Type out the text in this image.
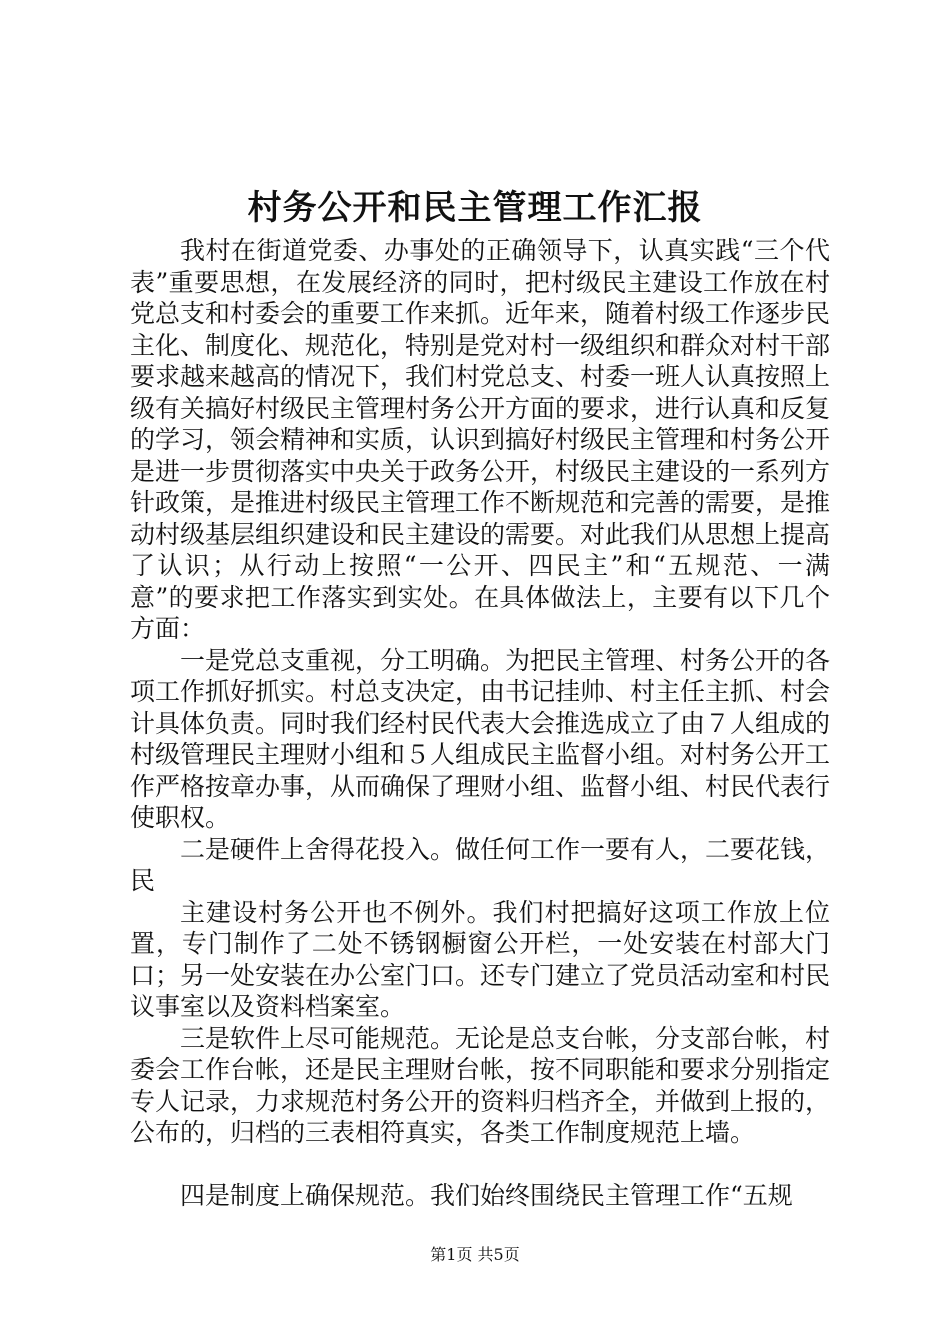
村务公开和民主管理工作汇报

我村在街道党委、办事处的正确领导下，认真实践“三个代表”重要思想，在发展经济的同时，把村级民主建设工作放在村党总支和村委会的重要工作来抓。近年来，随着村级工作逐步民主化、制度化、规范化，特别是党对村一级组织和群众对村干部要求越来越高的情况下，我们村党总支、村委一班人认真按照上级有关搞好村级民主管理村务公开方面的要求，进行认真和反复的学习，领会精神和实质，认识到搞好村级民主管理和村务公开是进一步贯彻落实中央关于政务公开，村级民主建设的一系列方针政策，是推进村级民主管理工作不断规范和完善的需要，是推动村级基层组织建设和民主建设的需要。对此我们从思想上提高了认识；从行动上按照“一公开、四民主”和“五规范、一满意”的要求把工作落实到实处。在具体做法上，主要有以下几个方面：

一是党总支重视，分工明确。为把民主管理、村务公开的各项工作抓好抓实。村总支决定，由书记挂帅、村主任主抓、村会计具体负责。同时我们经村民代表大会推选成立了由７人组成的村级管理民主理财小组和５人组成民主监督小组。对村务公开工作严格按章办事，从而确保了理财小组、监督小组、村民代表行使职权。

二是硬件上舍得花投入。做任何工作一要有人，二要花钱，民

主建设村务公开也不例外。我们村把搞好这项工作放上位置，专门制作了二处不锈钢橱窗公开栏，一处安装在村部大门口；另一处安装在办公室门口。还专门建立了党员活动室和村民议事室以及资料档案室。

三是软件上尽可能规范。无论是总支台帐，分支部台帐，村委会工作台帐，还是民主理财台帐，按不同职能和要求分别指定专人记录，力求规范村务公开的资料归档齐全，并做到上报的，公布的，归档的三表相符真实，各类工作制度规范上墙。

四是制度上确保规范。我们始终围绕民主管理工作“五规

第1页 共5页
